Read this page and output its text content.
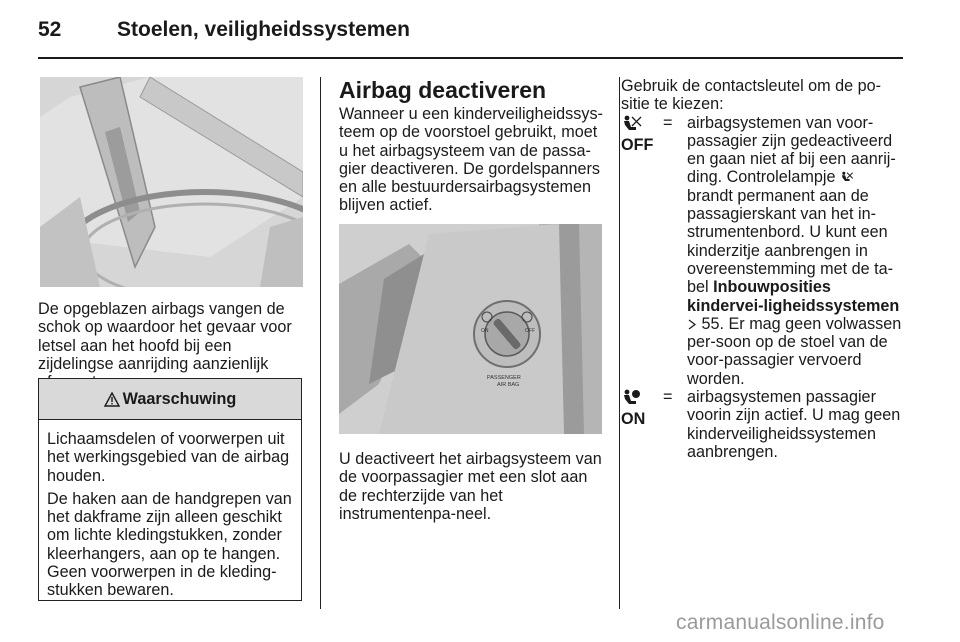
52	Stoelen, veiligheidssystemen
De opgeblazen airbags vangen de schok op waardoor het gevaar voor letsel aan het hoofd bij een zijdelingse aanrijding aanzienlijk
Waarschuwing

Lichaamsdelen of voorwerpen uit het werkingsgebied van de airbag houden.

De haken aan de handgrepen van het dakframe zijn alleen geschikt om lichte kledingstukken, zonder kleerhangers, aan op te hangen. Geen voorwerpen in de kleding-stukken bewaren.

Airbag deactiveren

Wanneer u een kinderveiligheidssys-teem op de voorstoel gebruikt, moet u het airbagsysteem van de passa-gier deactiveren. De gordelspanners en alle bestuurdersairbagsystemen blijven actief.

ON	OFF
PASSENGER
AIR BAG
U deactiveert het airbagsysteem van de voorpassagier met een slot aan de rechterzijde van het instrumentenpa-neel.

Gebruik de contactsleutel om de po-sitie te kiezen:

OFF
= airbagsystemen van voor-passagier zijn gedeactiveerd en gaan niet af bij een aanrij-ding. Controlelampje  brandt permanent aan de passagierskant van het in-strumentenbord. U kunt een kinderzitje aanbrengen in overeenstemming met de ta-bel Inbouwposities kindervei-ligheidssystemen  55. Er mag geen volwassen per-soon op de stoel van de voor-passagier vervoerd worden.
ON
= airbagsystemen passagier voorin zijn actief. U mag geen kinderveiligheidssystemen aanbrengen.
carmanualsonline.info
